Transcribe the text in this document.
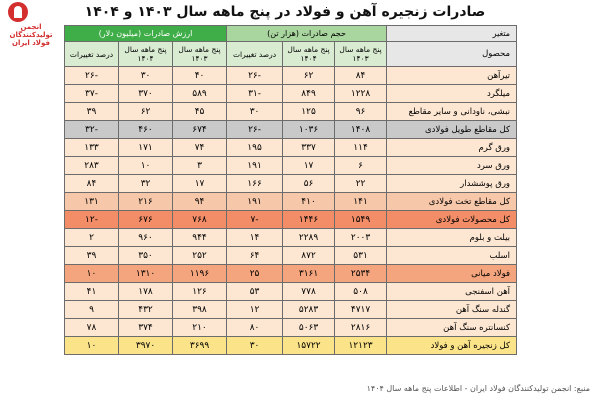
انجمن تولیدکنندگان فولاد ایران
صادرات زنجیره آهن و فولاد در پنج ماهه سال ۱۴۰۳ و ۱۴۰۴
متغیر	حجم صادرات (هزار تن)			ارزش صادرات (میلیون دلار)		
محصول	پنج ماهه سال ۱۴۰۳	پنج ماهه سال ۱۴۰۴	درصد تغییرات	پنج ماهه سال ۱۴۰۳	پنج ماهه سال ۱۴۰۴	درصد تغییرات
تیرآهن	۸۴	۶۲	-۲۶	۴۰	۳۰	-۲۶
میلگرد	۱۲۲۸	۸۴۹	-۳۱	۵۸۹	۳۷۰	-۳۷
نبشی، ناودانی و سایر مقاطع	۹۶	۱۲۵	۳۰	۴۵	۶۲	۳۹
کل مقاطع طویل فولادی	۱۴۰۸	۱۰۳۶	-۲۶	۶۷۴	۴۶۰	-۳۲
ورق گرم	۱۱۴	۳۳۷	۱۹۵	۷۴	۱۷۱	۱۳۳
ورق سرد	۶	۱۷	۱۹۱	۳	۱۰	۲۸۳
ورق پوششدار	۲۲	۵۶	۱۶۶	۱۷	۳۲	۸۴
کل مقاطع تخت فولادی	۱۴۱	۴۱۰	۱۹۱	۹۴	۲۱۶	۱۳۱
کل محصولات فولادی	۱۵۴۹	۱۴۴۶	-۷	۷۶۸	۶۷۶	-۱۲
بیلت و بلوم	۲۰۰۳	۲۲۸۹	۱۴	۹۴۴	۹۶۰	۲
اسلب	۵۳۱	۸۷۲	۶۴	۲۵۲	۳۵۰	۳۹
فولاد میانی	۲۵۳۴	۳۱۶۱	۲۵	۱۱۹۶	۱۳۱۰	۱۰
آهن اسفنجی	۵۰۸	۷۷۸	۵۳	۱۲۶	۱۷۸	۴۱
گندله سنگ آهن	۴۷۱۷	۵۲۸۳	۱۲	۳۹۸	۴۳۲	۹
کنسانتره سنگ آهن	۲۸۱۶	۵۰۶۳	۸۰	۲۱۰	۳۷۴	۷۸
کل زنجیره آهن و فولاد	۱۲۱۲۳	۱۵۷۲۲	۳۰	۳۶۹۹	۳۹۷۰	۱۰
منبع: انجمن تولیدکنندگان فولاد ایران - اطلاعات پنج ماهه سال ۱۴۰۴
